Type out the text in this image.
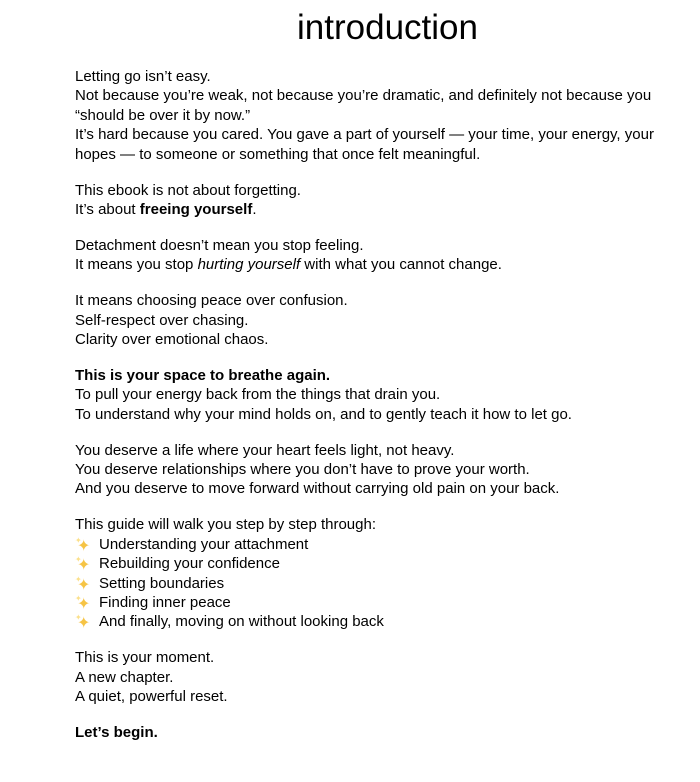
introduction

Letting go isn’t easy.

Not because you’re weak, not because you’re dramatic, and definitely not because you

“should be over it by now.”

It’s hard because you cared. You gave a part of yourself — your time, your energy, your

hopes — to someone or something that once felt meaningful.

This ebook is not about forgetting.

It’s about freeing yourself.

Detachment doesn’t mean you stop feeling.

It means you stop hurting yourself with what you cannot change.

It means choosing peace over confusion.

Self-respect over chasing.

Clarity over emotional chaos.

This is your space to breathe again.

To pull your energy back from the things that drain you.

To understand why your mind holds on, and to gently teach it how to let go.

You deserve a life where your heart feels light, not heavy.

You deserve relationships where you don’t have to prove your worth.

And you deserve to move forward without carrying old pain on your back.

This guide will walk you step by step through:

Understanding your attachment
Rebuilding your confidence
Setting boundaries
Finding inner peace
And finally, moving on without looking back

This is your moment.

A new chapter.

A quiet, powerful reset.

Let’s begin.
